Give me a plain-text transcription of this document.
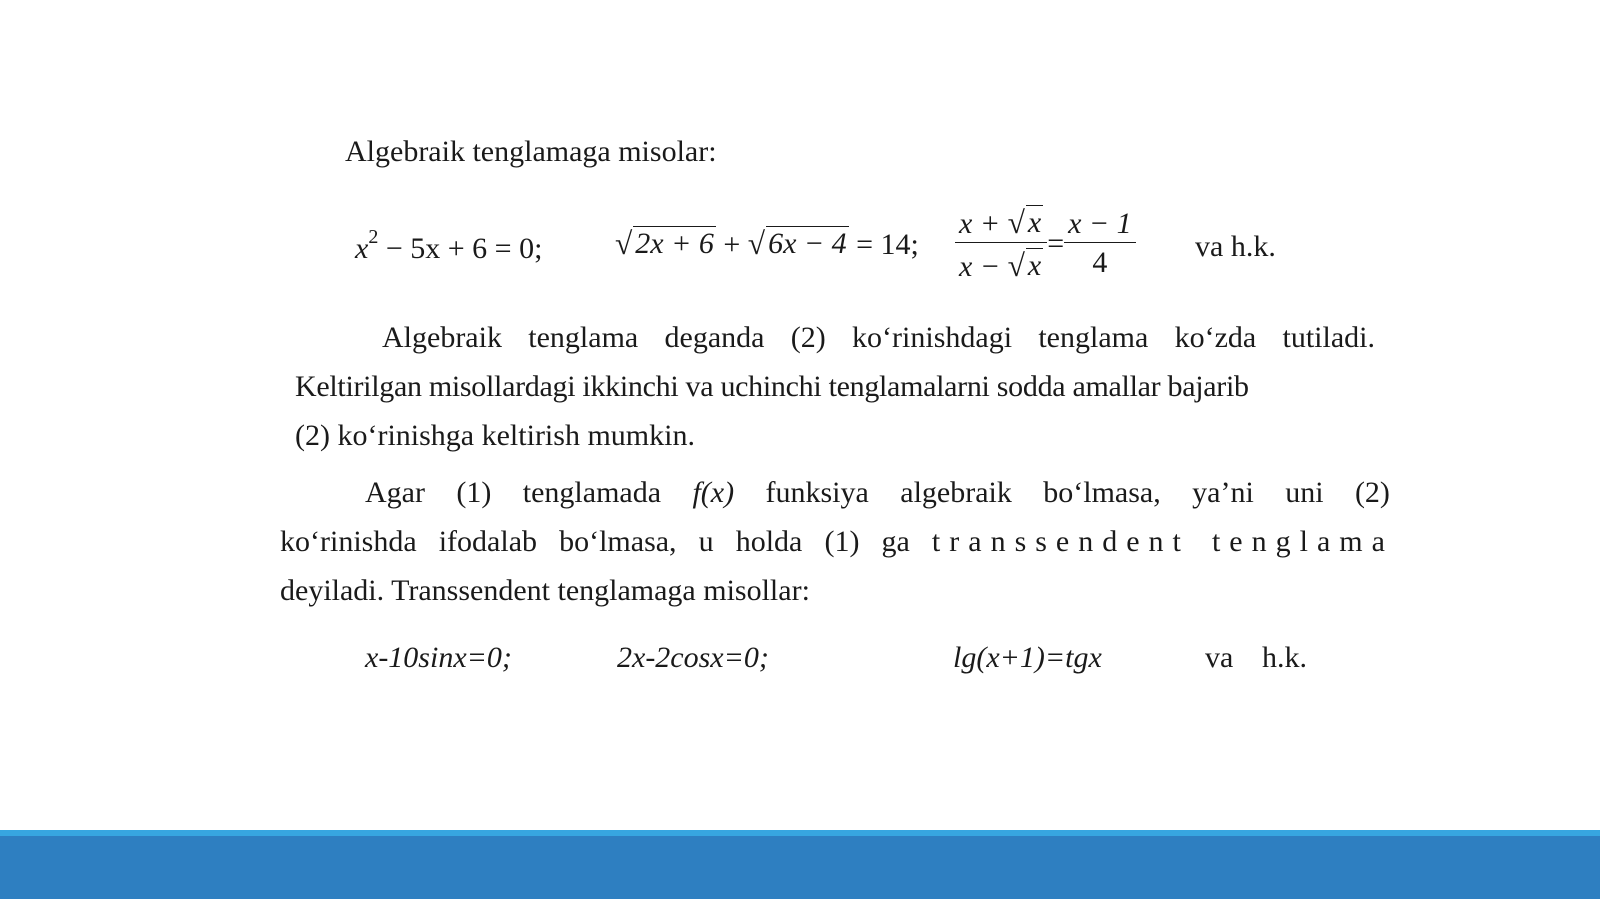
Algebraik tenglamaga misolar:
$x^2 - 5x + 6 = 0$; √ 2x + 6 + √ 6x − 4 = 14; $\frac{x + √ x}{x - √ x} = \frac{x - 1}{4}$ va h.k.
Algebraik tenglama deganda (2) ko‘rinishdagi tenglama ko‘zda tutiladi.
Keltirilgan misollardagi ikkinchi va uchinchi tenglamalarni sodda amallar bajarib
(2) ko‘rinishga keltirish mumkin.
Agar (1) tenglamada f(x) funksiya algebraik bo‘lmasa, ya’ni uni (2)
ko‘rinishda ifodalab bo‘lmasa, u holda (1) ga transsendent tenglama
deyiladi. Transsendent tenglamaga misollar:
x-10sinx=0;	2x-2cosx=0;	lg(x+1)=tgx	va h.k.
